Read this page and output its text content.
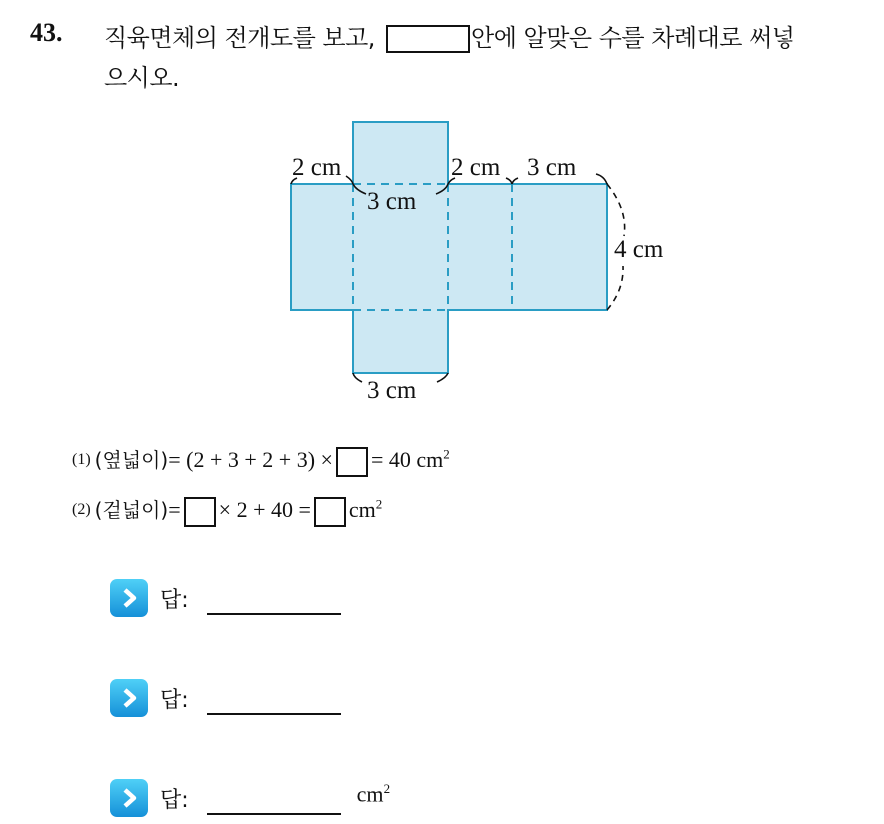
43. 직육면체의 전개도를 보고,	안에 알맞은 수를 차례대로 써넣
으시오.
2 cm
3 cm
2 cm 3 cm
4 cm
3 cm
(1) (옆넓이)= (2 + 3 + 2 + 3) × = 40 $cm^2$
(2) (겉넓이)= × $2 + 40 = cm^2$
답:
답:
답:	$cm^2$
